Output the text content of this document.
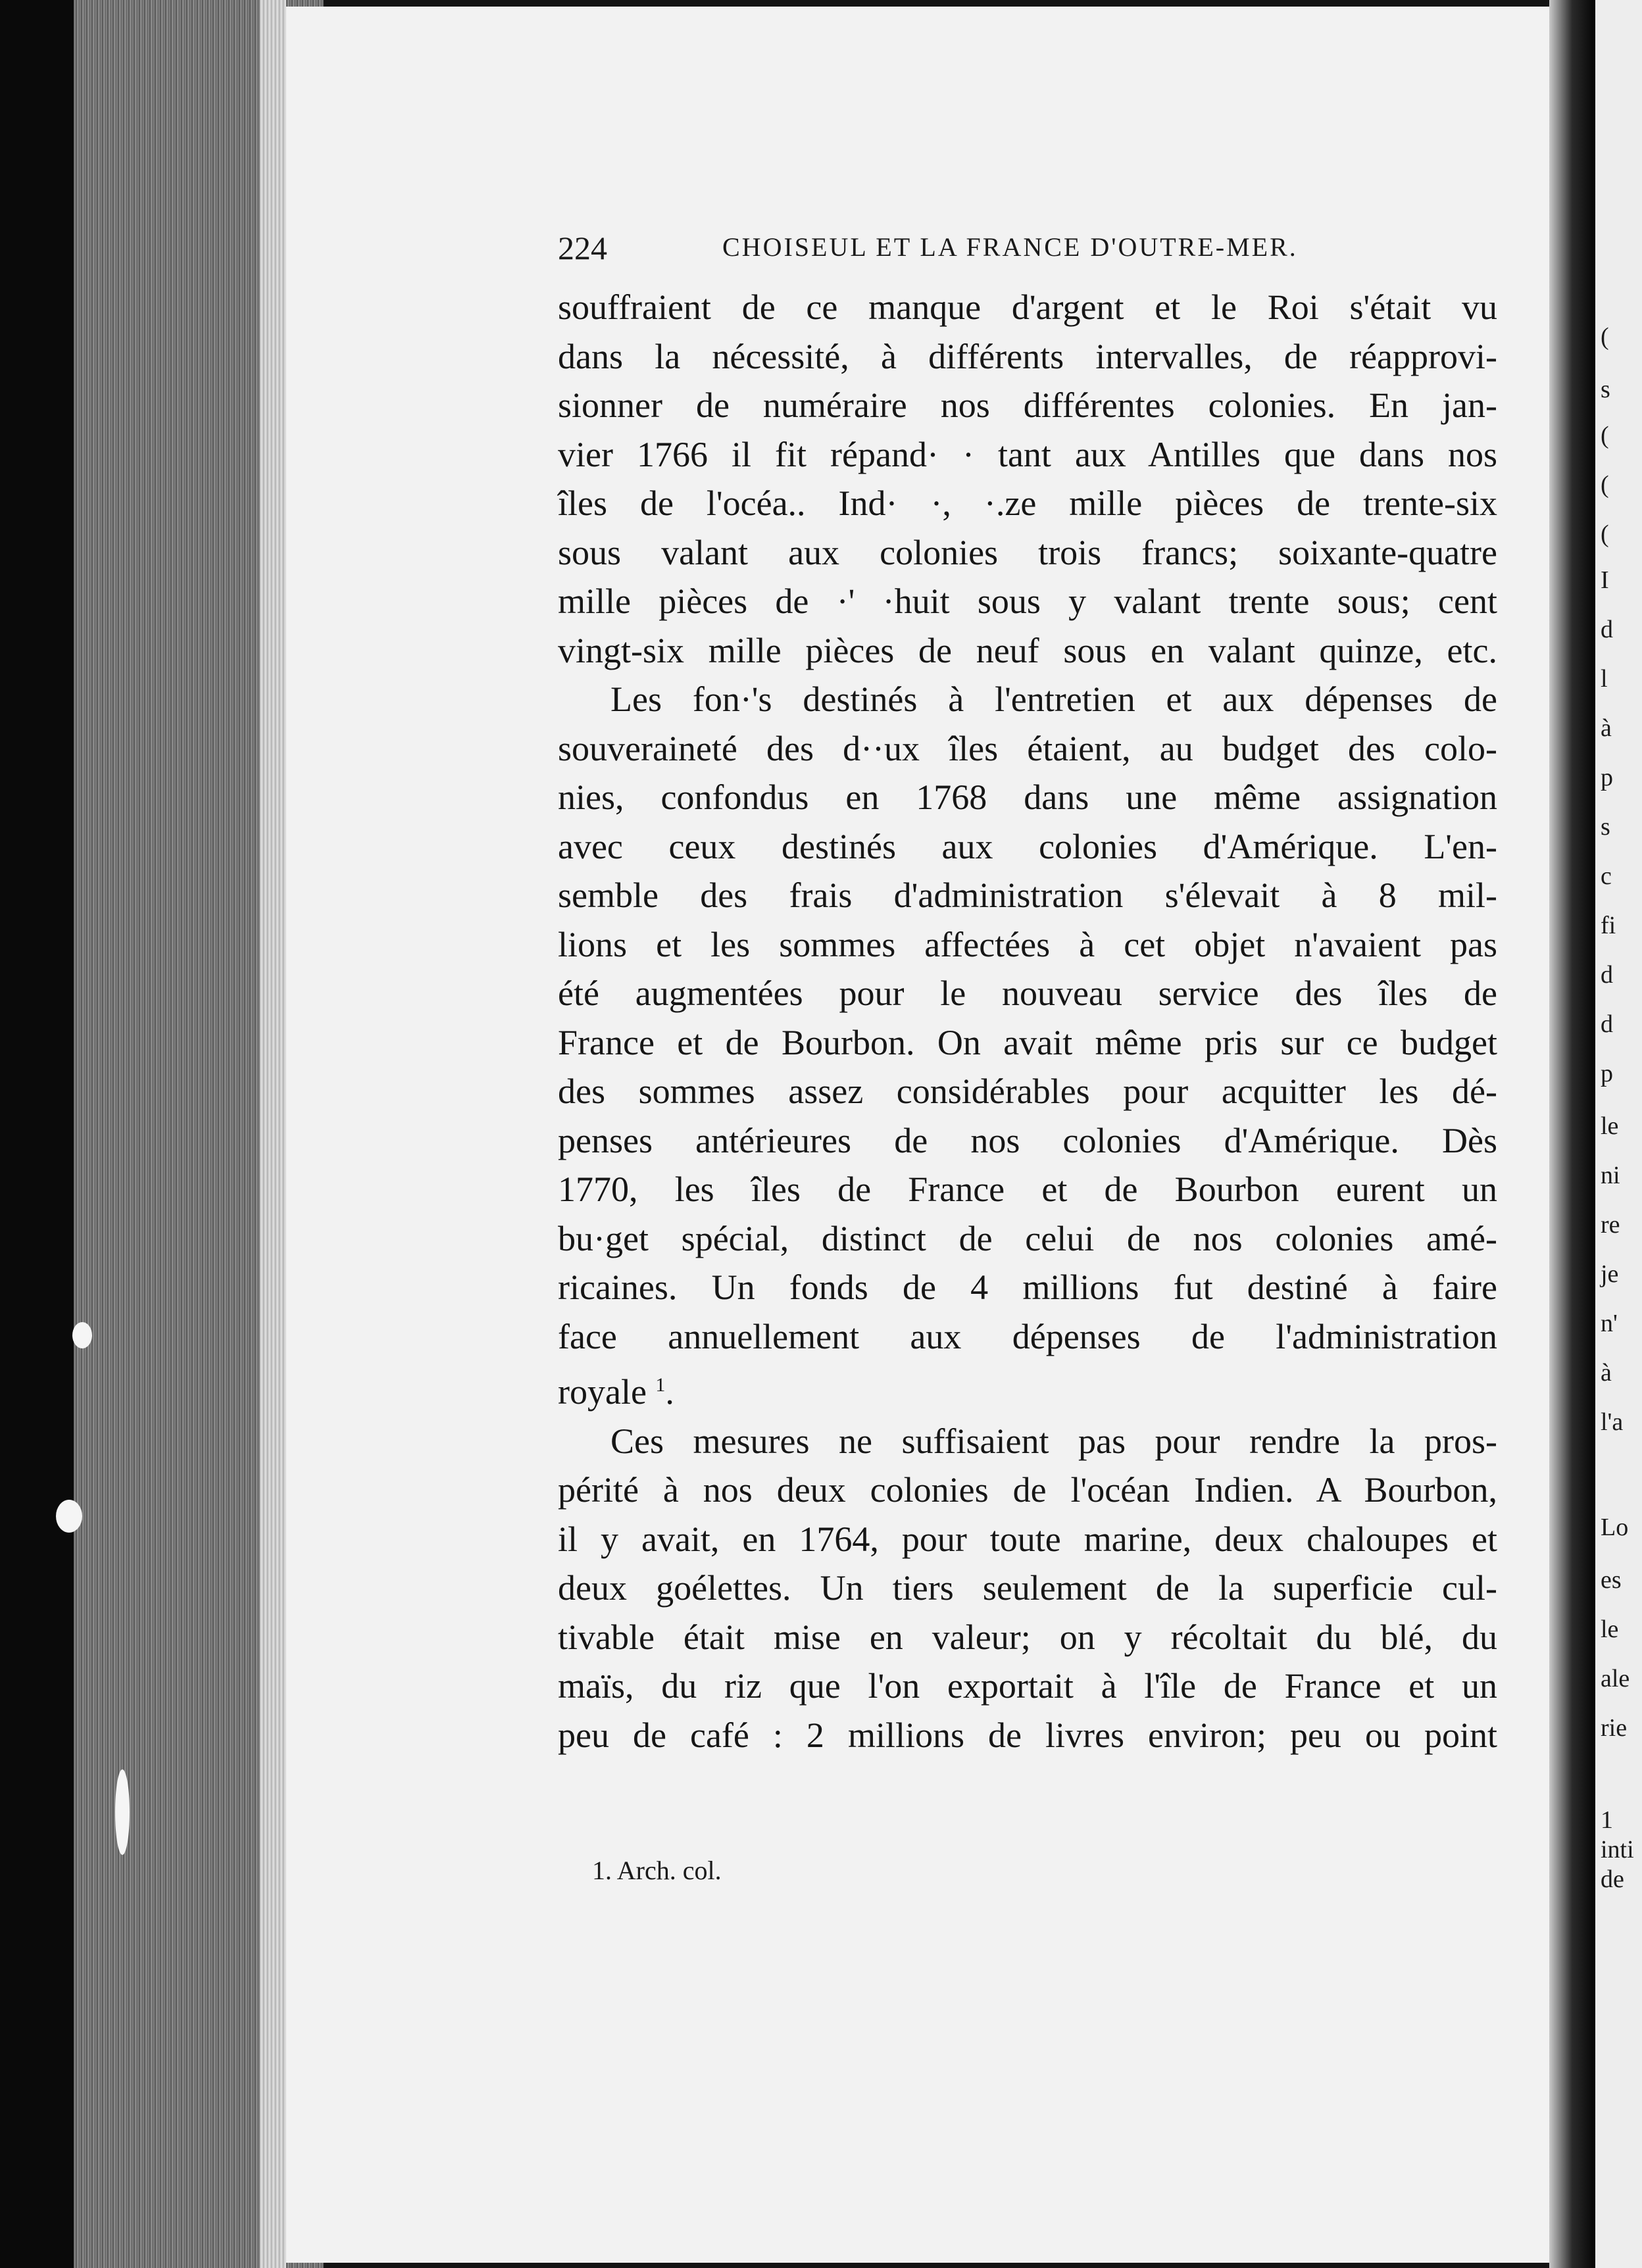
(
s
(
(
(
I
d
l
à
p
s
c
fi
d
d
p
le
ni
re
je
n'
à
l'a
Lo
es
le
ale
rie
1
inti
de
224	CHOISEUL ET LA FRANCE D'OUTRE-MER.
souffraient de ce manque d'argent et le Roi s'était vu
dans la nécessité, à différents intervalles, de réapprovi-
sionner de numéraire nos différentes colonies. En jan-
vier 1766 il fit répand· · tant aux Antilles que dans nos
îles de l'océa.. Ind· ·, ·.ze mille pièces de trente-six
sous valant aux colonies trois francs; soixante-quatre
mille pièces de ·' ·huit sous y valant trente sous; cent
vingt-six mille pièces de neuf sous en valant quinze, etc.
Les fon·'s destinés à l'entretien et aux dépenses de
souveraineté des d··ux îles étaient, au budget des colo-
nies, confondus en 1768 dans une même assignation
avec ceux destinés aux colonies d'Amérique. L'en-
semble des frais d'administration s'élevait à 8 mil-
lions et les sommes affectées à cet objet n'avaient pas
été augmentées pour le nouveau service des îles de
France et de Bourbon. On avait même pris sur ce budget
des sommes assez considérables pour acquitter les dé-
penses antérieures de nos colonies d'Amérique. Dès
1770, les îles de France et de Bourbon eurent un
bu·get spécial, distinct de celui de nos colonies amé-
ricaines. Un fonds de 4 millions fut destiné à faire
face annuellement aux dépenses de l'administration
royale $^1$.
Ces mesures ne suffisaient pas pour rendre la pros-
périté à nos deux colonies de l'océan Indien. A Bourbon,
il y avait, en 1764, pour toute marine, deux chaloupes et
deux goélettes. Un tiers seulement de la superficie cul-
tivable était mise en valeur; on y récoltait du blé, du
maïs, du riz que l'on exportait à l'île de France et un
peu de café : 2 millions de livres environ; peu ou point
1. Arch. col.
